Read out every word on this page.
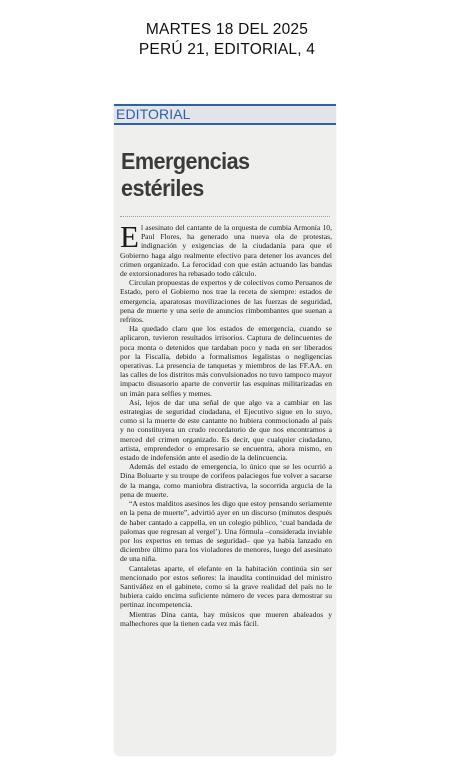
MARTES 18 DEL 2025
PERÚ 21, EDITORIAL, 4
EDITORIAL
Emergencias
estériles

El asesinato del cantante de la orquesta de cumbia Armonía 10, Paul Flores, ha generado una nueva ola de protestas, indignación y exigencias de la ciudadanía para que el Gobierno haga algo realmente efectivo para detener los avances del crimen organizado. La ferocidad con que están actuando las bandas de extorsionadores ha rebasado todo cálculo.

Circulan propuestas de expertos y de colectivos como Peruanos de Estado, pero el Gobierno nos trae la receta de siempre: estados de emergencia, aparatosas movilizaciones de las fuerzas de seguridad, pena de muerte y una serie de anuncios rimbombantes que suenan a refritos.

Ha quedado claro que los estados de emergencia, cuando se aplicaron, tuvieron resultados irrisorios. Captura de delincuentes de poca monta o detenidos que tardaban poco y nada en ser liberados por la Fiscalía, debido a formalismos legalistas o negligencias operativas. La presencia de tanquetas y miembros de las FF.AA. en las calles de los distritos más convulsionados no tuvo tampoco mayor impacto disuasorio aparte de convertir las esquinas militarizadas en un imán para selfies y memes.

Así, lejos de dar una señal de que algo va a cambiar en las estrategias de seguridad ciudadana, el Ejecutivo sigue en lo suyo, como si la muerte de este cantante no hubiera conmocionado al país y no constituyera un crudo recordatorio de que nos encontramos a merced del crimen organizado. Es decir, que cualquier ciudadano, artista, emprendedor o empresario se encuentra, ahora mismo, en estado de indefensión ante el asedio de la delincuencia.

Además del estado de emergencia, lo único que se les ocurrió a Dina Boluarte y su troupe de corifeos palaciegos fue volver a sacarse de la manga, como maniobra distractiva, la socorrida argucia de la pena de muerte.

“A estos malditos asesinos les digo que estoy pensando seriamente en la pena de muerte”, advirtió ayer en un discurso (minutos después de haber cantado a cappella, en un colegio público, ‘cual bandada de palomas que regresan al vergel’). Una fórmula –considerada inviable por los expertos en temas de seguridad– que ya había lanzado en diciembre último para los violadores de menores, luego del asesinato de una niña.

Cantaletas aparte, el elefante en la habitación continúa sin ser mencionado por estos señores: la inaudita continuidad del ministro Santiváñez en el gabinete, como si la grave realidad del país no le hubiera caído encima suficiente número de veces para demostrar su pertinaz incompetencia.

Mientras Dina canta, hay músicos que mueren abaleados y malhechores que la tienen cada vez más fácil.
